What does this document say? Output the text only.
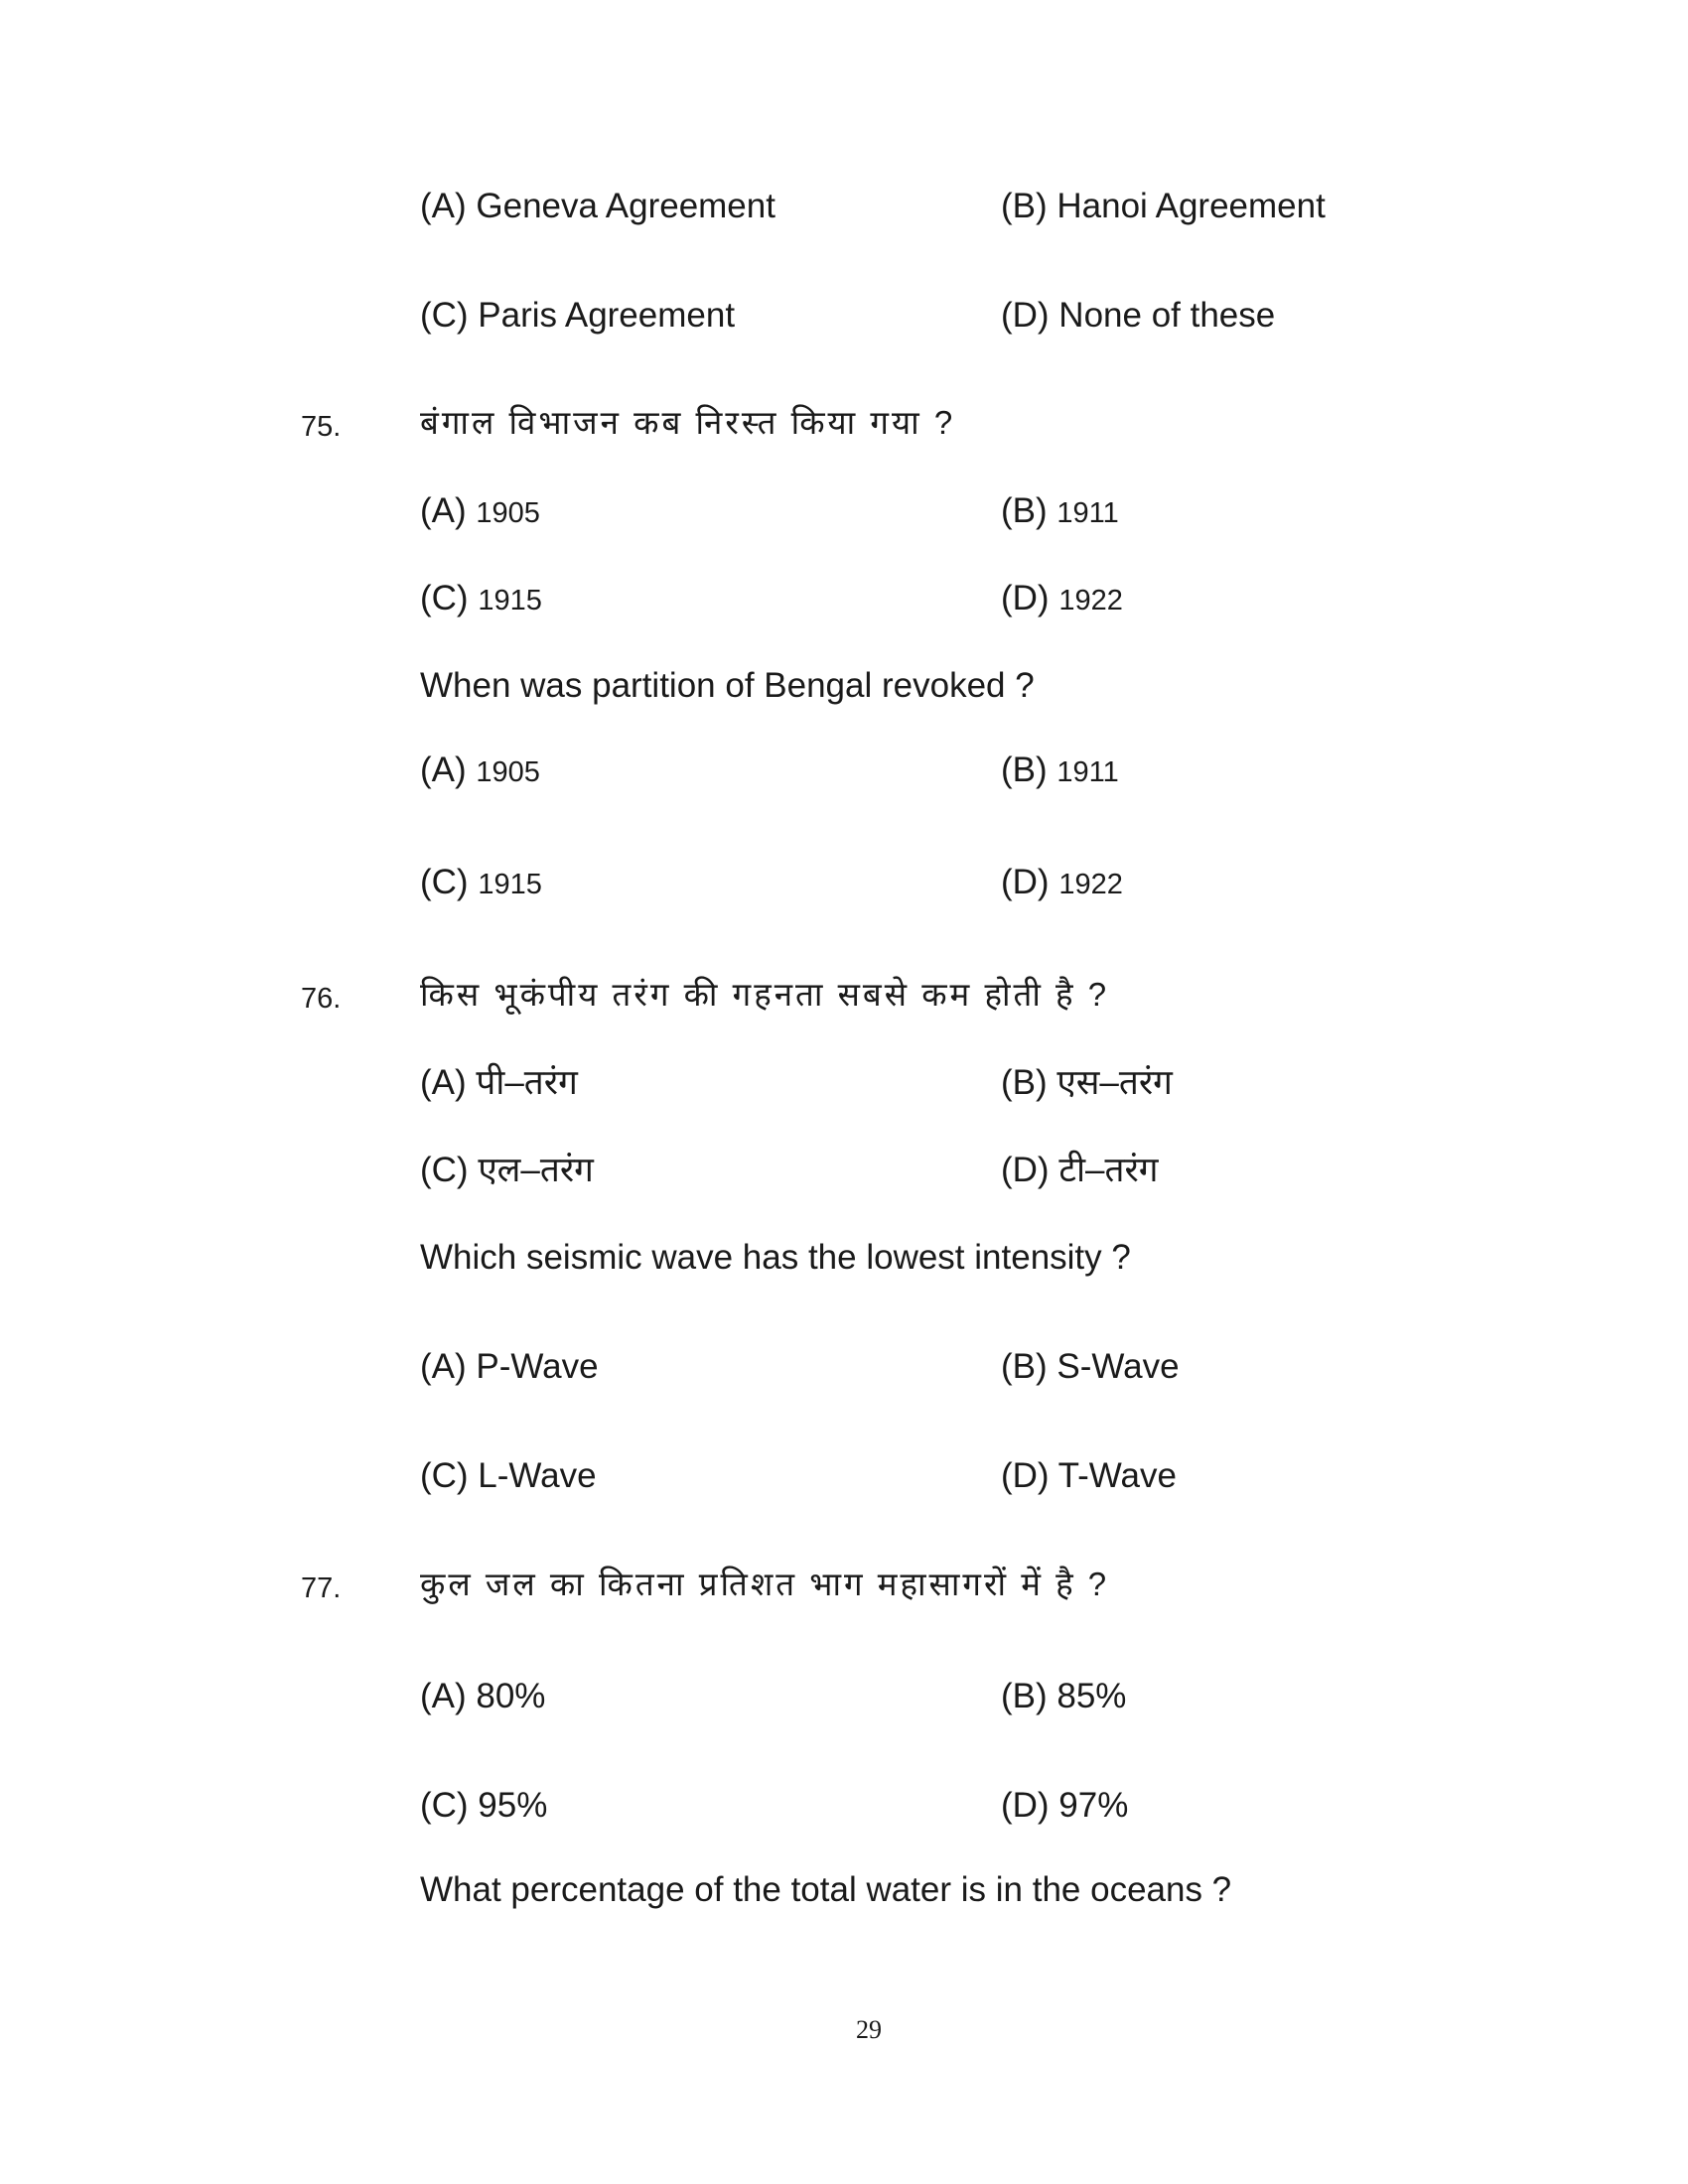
(A) Geneva Agreement	(B) Hanoi Agreement
(C) Paris Agreement	(D) None of these
75. बंगाल विभाजन कब निरस्त किया गया ?
(A) 1905	(B) 1911
(C) 1915	(D) 1922
When was partition of Bengal revoked ?
(A) 1905	(B) 1911
(C) 1915	(D) 1922
76. किस भूकंपीय तरंग की गहनता सबसे कम होती है ?
(A) पी–तरंग	(B) एस–तरंग
(C) एल–तरंग	(D) टी–तरंग
Which seismic wave has the lowest intensity ?
(A) P-Wave	(B) S-Wave
(C) L-Wave	(D) T-Wave
77. कुल जल का कितना प्रतिशत भाग महासागरों में है ?
(A) 80%	(B) 85%
(C) 95%	(D) 97%
What percentage of the total water is in the oceans ?
29
